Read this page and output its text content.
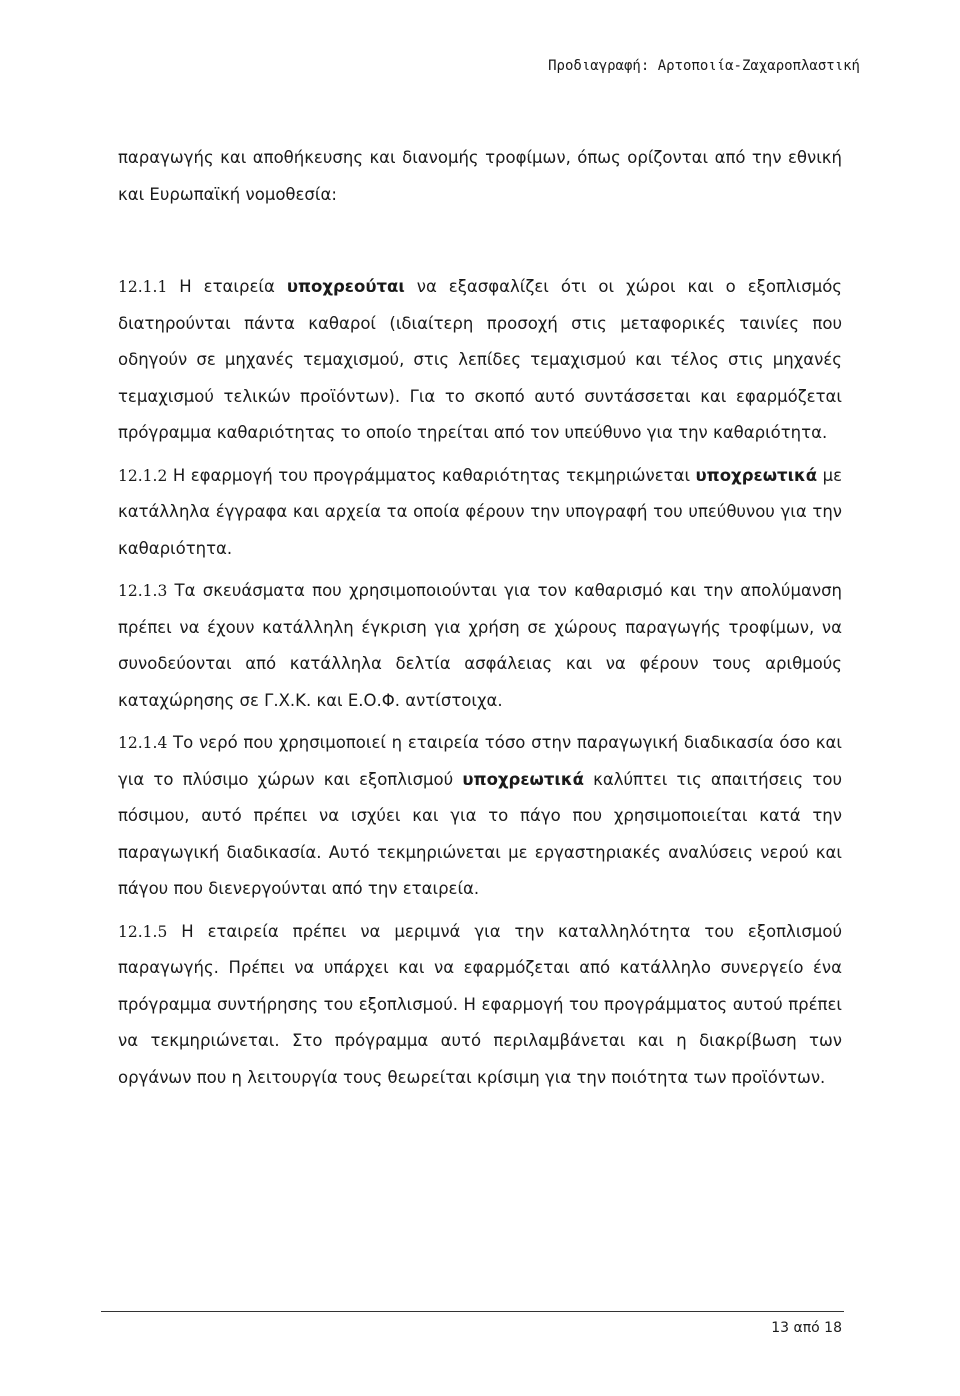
Προδιαγραφή: Αρτοποιία-Ζαχαροπλαστική

παραγωγής και αποθήκευσης και διανομής τροφίμων, όπως ορίζονται από την εθνική και Ευρωπαϊκή νομοθεσία:

12.1.1 Η εταιρεία υποχρεούται να εξασφαλίζει ότι οι χώροι και ο εξοπλισμός διατηρούνται πάντα καθαροί (ιδιαίτερη προσοχή στις μεταφορικές ταινίες που οδηγούν σε μηχανές τεμαχισμού, στις λεπίδες τεμαχισμού και τέλος στις μηχανές τεμαχισμού τελικών προϊόντων). Για το σκοπό αυτό συντάσσεται και εφαρμόζεται πρόγραμμα καθαριότητας το οποίο τηρείται από τον υπεύθυνο για την καθαριότητα.

12.1.2 Η εφαρμογή του προγράμματος καθαριότητας τεκμηριώνεται υποχρεωτικά με κατάλληλα έγγραφα και αρχεία τα οποία φέρουν την υπογραφή του υπεύθυνου για την καθαριότητα.

12.1.3 Τα σκευάσματα που χρησιμοποιούνται για τον καθαρισμό και την απολύμανση πρέπει να έχουν κατάλληλη έγκριση για χρήση σε χώρους παραγωγής τροφίμων, να συνοδεύονται από κατάλληλα δελτία ασφάλειας και να φέρουν τους αριθμούς καταχώρησης σε Γ.Χ.Κ. και Ε.Ο.Φ. αντίστοιχα.

12.1.4 Το νερό που χρησιμοποιεί η εταιρεία τόσο στην παραγωγική διαδικασία όσο και για το πλύσιμο χώρων και εξοπλισμού υποχρεωτικά καλύπτει τις απαιτήσεις του πόσιμου, αυτό πρέπει να ισχύει και για το πάγο που χρησιμοποιείται κατά την παραγωγική διαδικασία. Αυτό τεκμηριώνεται με εργαστηριακές αναλύσεις νερού και πάγου που διενεργούνται από την εταιρεία.

12.1.5 Η εταιρεία πρέπει να μεριμνά για την καταλληλότητα του εξοπλισμού παραγωγής. Πρέπει να υπάρχει και να εφαρμόζεται από κατάλληλο συνεργείο ένα πρόγραμμα συντήρησης του εξοπλισμού. Η εφαρμογή του προγράμματος αυτού πρέπει να τεκμηριώνεται. Στο πρόγραμμα αυτό περιλαμβάνεται και η διακρίβωση των οργάνων που η λειτουργία τους θεωρείται κρίσιμη για την ποιότητα των προϊόντων.

13 από 18
